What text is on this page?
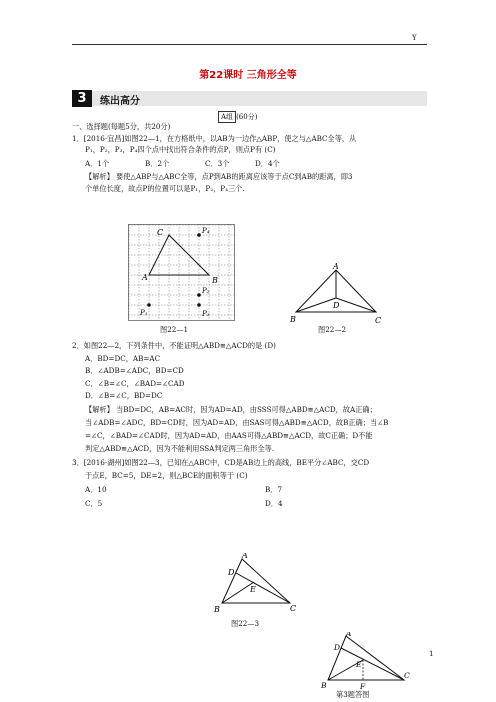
Y
第22课时 三角形全等
3	练出高分
A组 (60分)
一、选择题(每题5分，共20分)
1．[2016·宜昌]如图22—1，在方格纸中，以AB为一边作△ABP，使之与△ABC全等，从
P₁，P₂，P₃，P₄四个点中找出符合条件的点P，则点P有 (C)
A．1个	B．2个	C．3个	D．4个
【解析】 要使△ABP与△ABC全等，点P到AB的距离应该等于点C到AB的距离，即3
个单位长度，故点P的位置可以是P₁，P₂，P₄三个.
C	P₄
A	B
P₂
P₁	P₃
图22—1
A
D
B	C
图22—2
2．如图22—2，下列条件中，不能证明△ABD≌△ACD的是 (D)
A．BD=DC，AB=AC
B．∠ADB=∠ADC，BD=CD
C．∠B=∠C，∠BAD=∠CAD
D．∠B=∠C，BD=DC
【解析】 当BD=DC，AB=AC时，因为AD=AD，由SSS可得△ABD≌△ACD，故A正确；
当∠ADB=∠ADC，BD=CD时，因为AD=AD，由SAS可得△ABD≌△ACD，故B正确；当∠B
=∠C，∠BAD=∠CAD时，因为AD=AD，由AAS可得△ABD≌△ACD，故C正确；D不能
判定△ABD≌△ACD，因为不能利用SSA判定两三角形全等.
3．[2016·湖州]如图22—3，已知在△ABC中，CD是AB边上的高线，BE平分∠ABC，交CD
于点E，BC=5，DE=2，则△BCE的面积等于 (C)
A．10	B．7
C．5	D．4
A
D
E
B	C
图22—3
A
D
E
B	F
C
1
第3题答图
